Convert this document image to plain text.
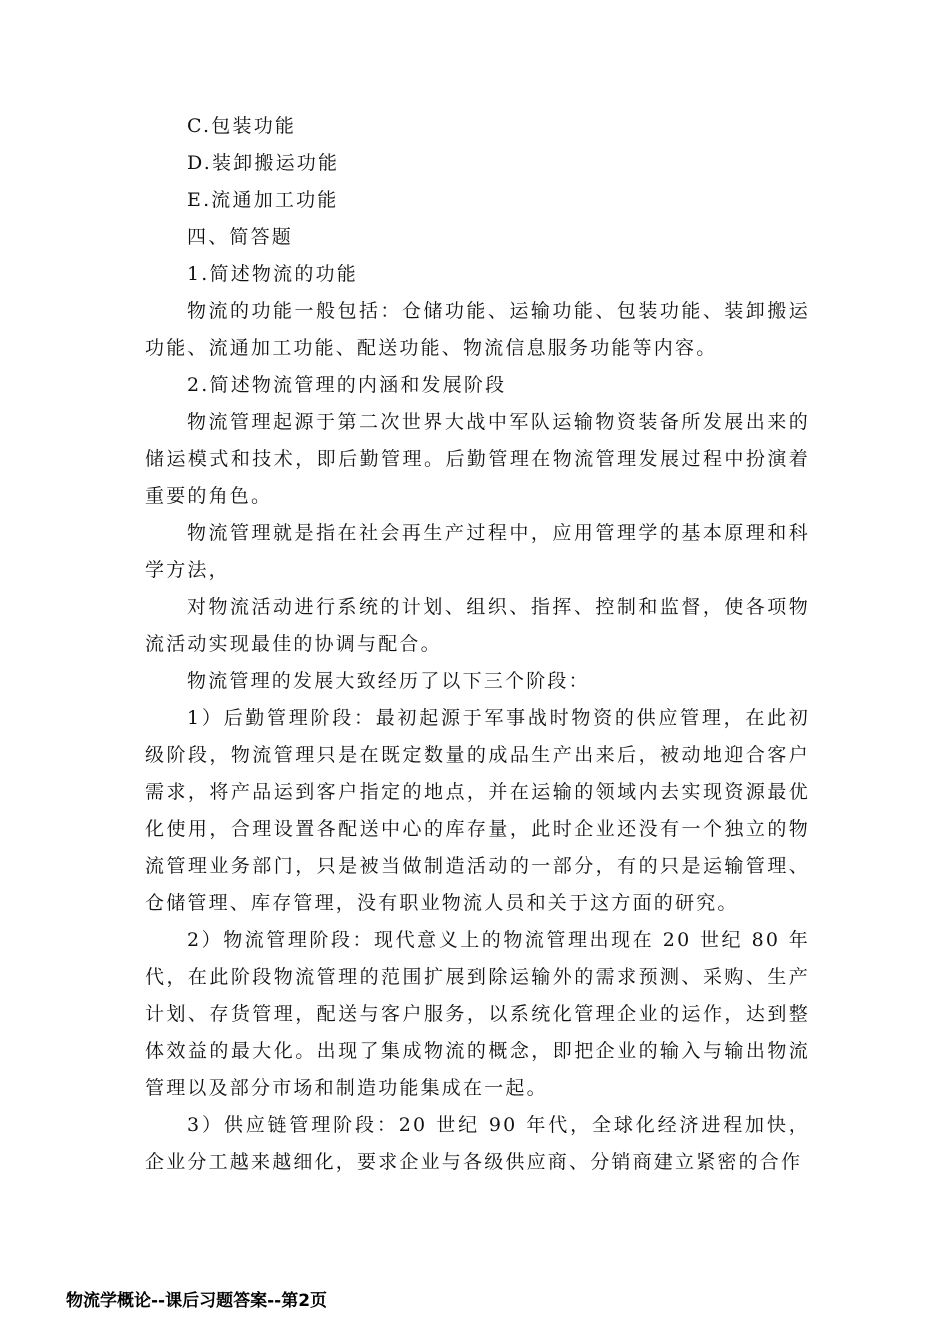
C.包装功能
D.装卸搬运功能
E.流通加工功能
四、简答题
1.简述物流的功能

物流的功能一般包括：仓储功能、运输功能、包装功能、装卸搬运功能、流通加工功能、配送功能、物流信息服务功能等内容。

2.简述物流管理的内涵和发展阶段

物流管理起源于第二次世界大战中军队运输物资装备所发展出来的储运模式和技术，即后勤管理。后勤管理在物流管理发展过程中扮演着重要的角色。

物流管理就是指在社会再生产过程中，应用管理学的基本原理和科学方法，

对物流活动进行系统的计划、组织、指挥、控制和监督，使各项物流活动实现最佳的协调与配合。

物流管理的发展大致经历了以下三个阶段：

1）后勤管理阶段：最初起源于军事战时物资的供应管理，在此初级阶段，物流管理只是在既定数量的成品生产出来后，被动地迎合客户需求，将产品运到客户指定的地点，并在运输的领域内去实现资源最优化使用，合理设置各配送中心的库存量，此时企业还没有一个独立的物流管理业务部门，只是被当做制造活动的一部分，有的只是运输管理、仓储管理、库存管理，没有职业物流人员和关于这方面的研究。

2）物流管理阶段：现代意义上的物流管理出现在 20 世纪 80 年代，在此阶段物流管理的范围扩展到除运输外的需求预测、采购、生产计划、存货管理，配送与客户服务，以系统化管理企业的运作，达到整体效益的最大化。出现了集成物流的概念，即把企业的输入与输出物流管理以及部分市场和制造功能集成在一起。

3）供应链管理阶段：20 世纪 90 年代，全球化经济进程加快，企业分工越来越细化，要求企业与各级供应商、分销商建立紧密的合作

物流学概论--课后习题答案--第2页
